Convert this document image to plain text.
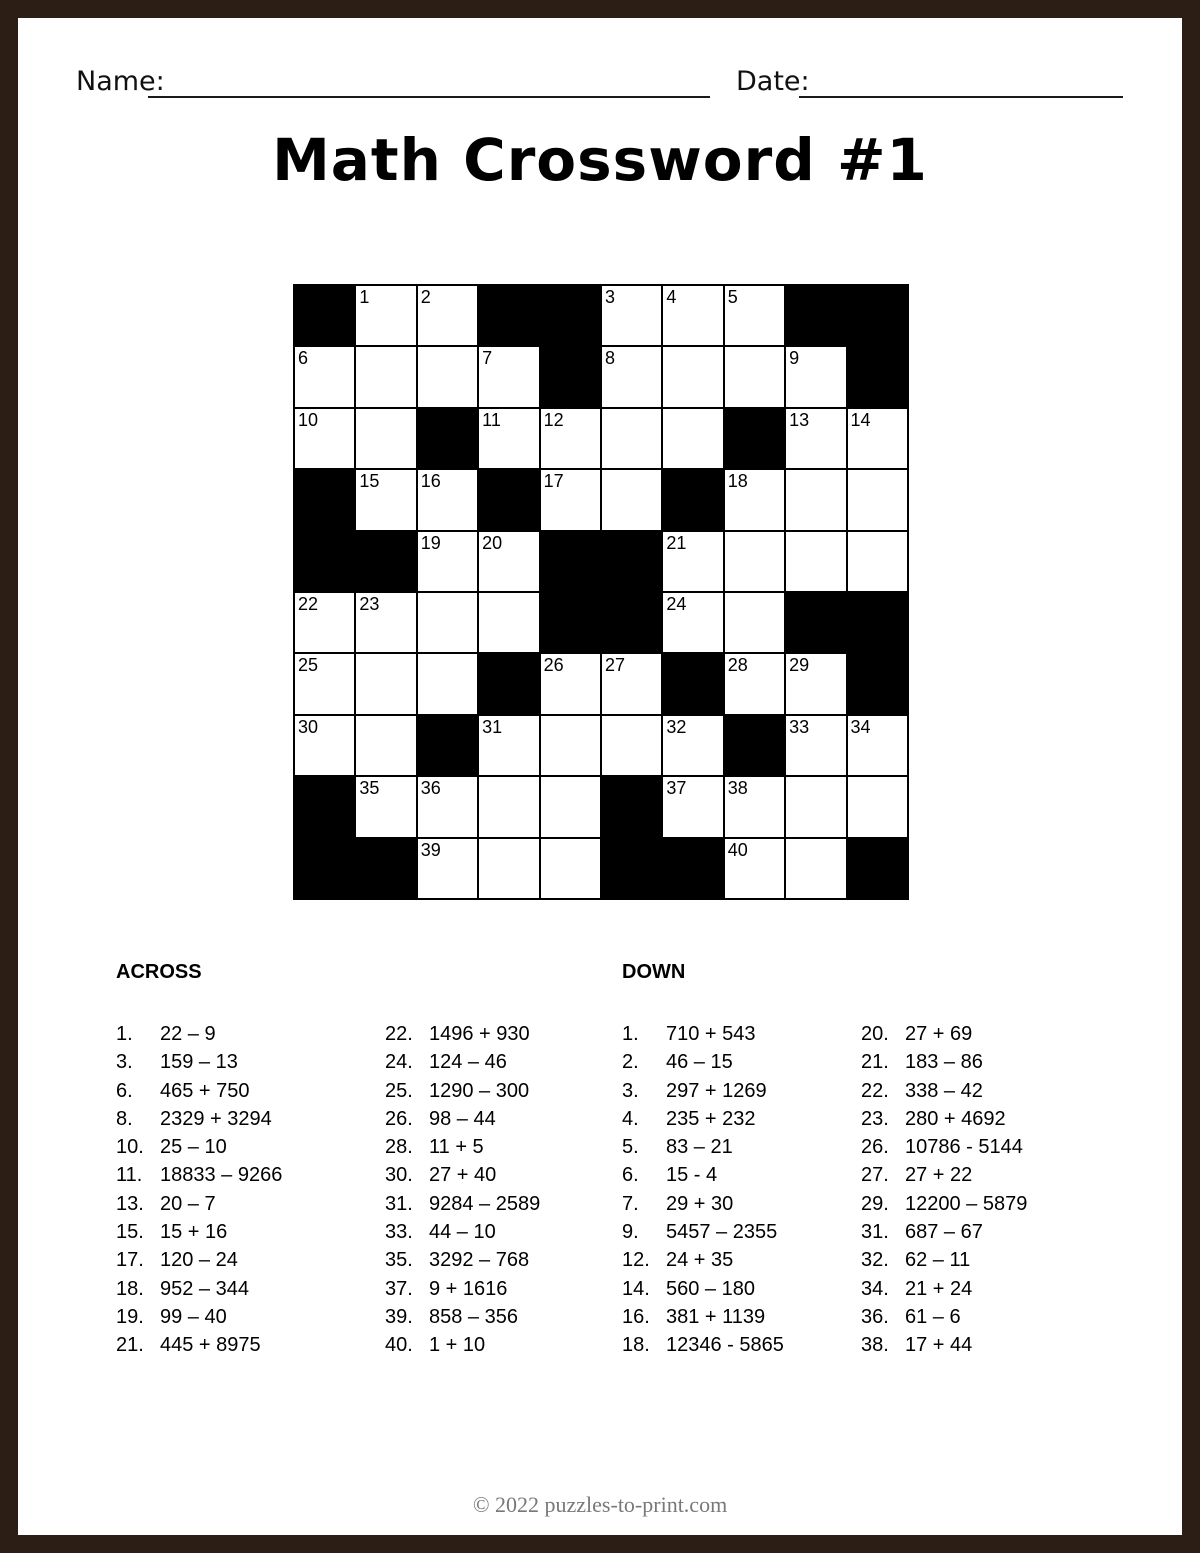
Name:	Date:
Math Crossword #1
1	2	3	4	5
6	7	8	9
10	11 12	13 14
15 16	17	18
19 20	21
22 23	24
25	26 27	28 29
30	31	32	33 34
35 36	37 38
39	40
ACROSS	DOWN
1. 22 – 9
3. 159 – 13
6. 465 + 750
8. 2329 + 3294
10. 25 – 10
11. 18833 – 9266
13. 20 – 7
15. 15 + 16
17. 120 – 24
18. 952 – 344
19. 99 – 40
21. 445 + 8975
22. 1496 + 930
24. 124 – 46
25. 1290 – 300
26. 98 – 44
28. 11 + 5
30. 27 + 40
31. 9284 – 2589
33. 44 – 10
35. 3292 – 768
37. 9 + 1616
39. 858 – 356
40. 1 + 10
1. 710 + 543
2. 46 – 15
3. 297 + 1269
4. 235 + 232
5. 83 – 21
6. 15 - 4
7. 29 + 30
9. 5457 – 2355
12. 24 + 35
14. 560 – 180
16. 381 + 1139
18. 12346 - 5865
20. 27 + 69
21. 183 – 86
22. 338 – 42
23. 280 + 4692
26. 10786 - 5144
27. 27 + 22
29. 12200 – 5879
31. 687 – 67
32. 62 – 11
34. 21 + 24
36. 61 – 6
38. 17 + 44
© 2022 puzzles-to-print.com
